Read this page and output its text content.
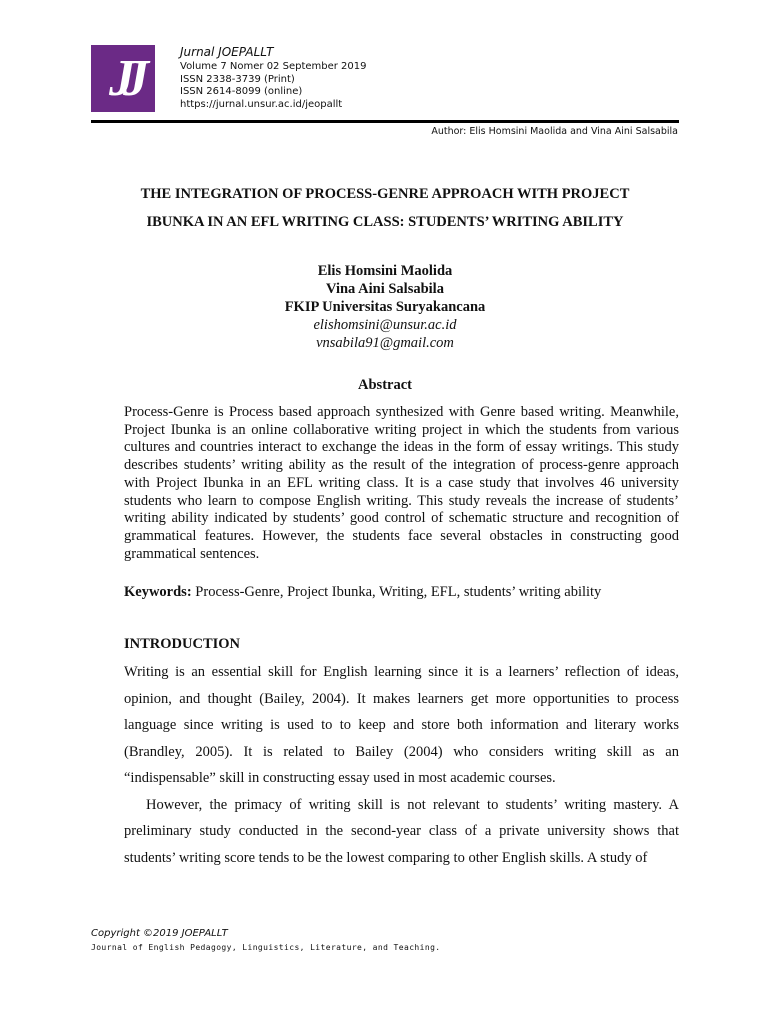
JJ	Jurnal JOEPALLT
Volume 7 Nomer 02 September 2019
ISSN 2338-3739 (Print)
ISSN 2614-8099 (online)
https://jurnal.unsur.ac.id/jeopallt
Author: Elis Homsini Maolida and Vina Aini Salsabila
THE INTEGRATION OF PROCESS-GENRE APPROACH WITH PROJECT
IBUNKA IN AN EFL WRITING CLASS: STUDENTS’ WRITING ABILITY
Elis Homsini Maolida
Vina Aini Salsabila
FKIP Universitas Suryakancana
elishomsini@unsur.ac.id
vnsabila91@gmail.com
Abstract
Process-Genre is Process based approach synthesized with Genre based writing. Meanwhile, Project Ibunka is an online collaborative writing project in which the students from various cultures and countries interact to exchange the ideas in the form of essay writings. This study describes students’ writing ability as the result of the integration of process-genre approach with Project Ibunka in an EFL writing class. It is a case study that involves 46 university students who learn to compose English writing. This study reveals the increase of students’ writing ability indicated by students’ good control of schematic structure and recognition of grammatical features. However, the students face several obstacles in constructing good grammatical sentences.
Keywords: Process-Genre, Project Ibunka, Writing, EFL, students’ writing ability
INTRODUCTION

Writing is an essential skill for English learning since it is a learners’ reflection of ideas, opinion, and thought (Bailey, 2004). It makes learners get more opportunities to process language since writing is used to to keep and store both information and literary works (Brandley, 2005). It is related to Bailey (2004) who considers writing skill as an “indispensable” skill in constructing essay used in most academic courses.

However, the primacy of writing skill is not relevant to students’ writing mastery. A preliminary study conducted in the second-year class of a private university shows that students’ writing score tends to be the lowest comparing to other English skills. A study of

Copyright ©2019 JOEPALLT
Journal of English Pedagogy, Linguistics, Literature, and Teaching.
